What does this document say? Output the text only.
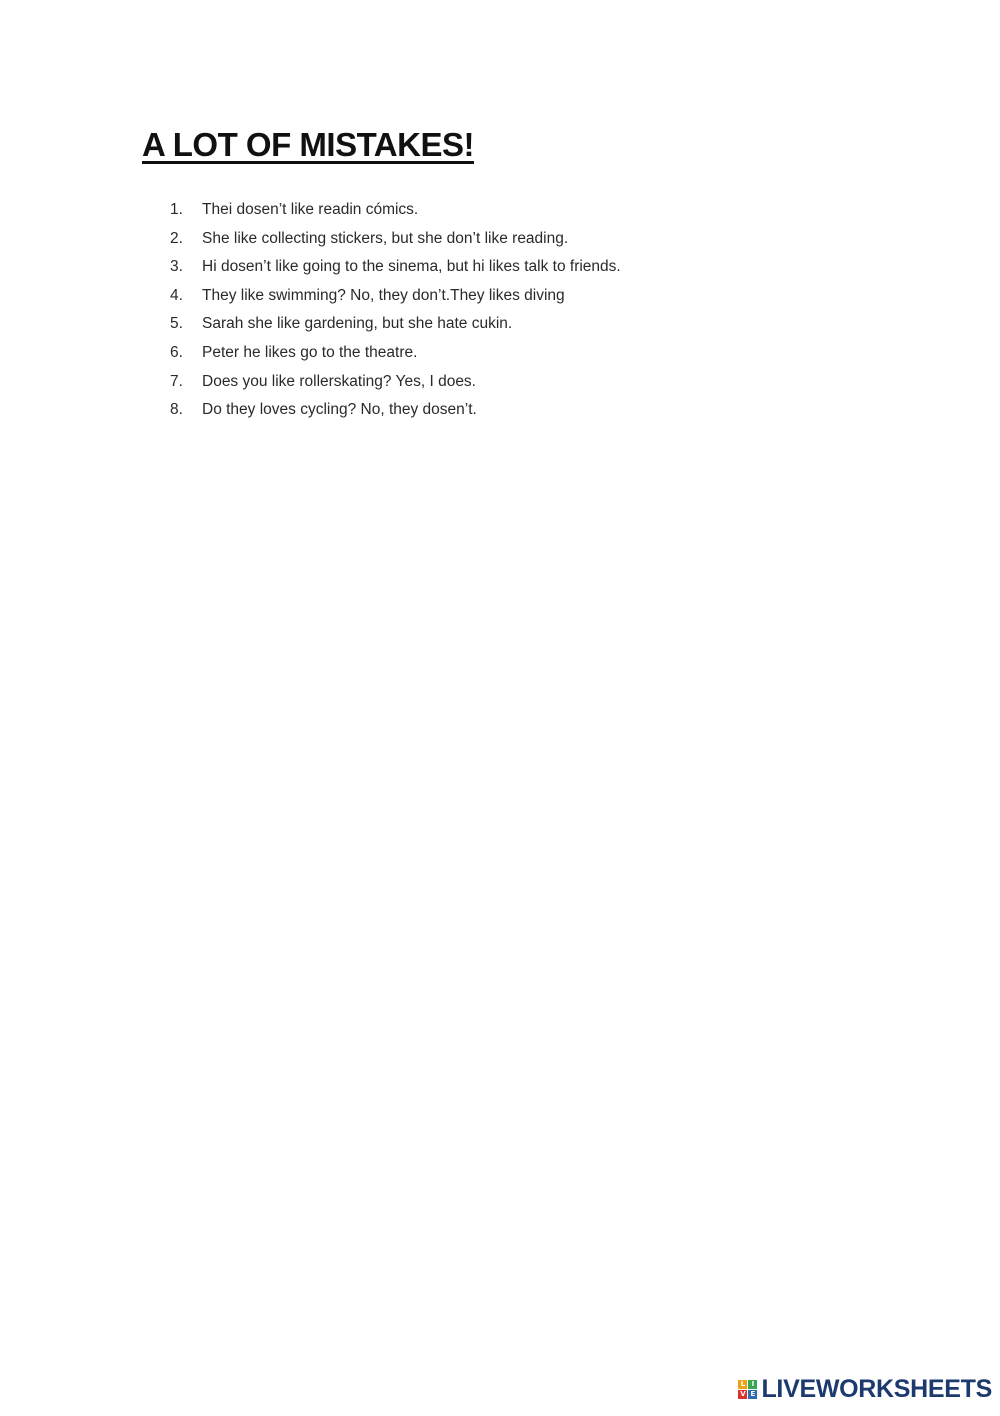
A LOT OF MISTAKES!
1.	Thei dosen’t like readin cómics.
2.	She like collecting stickers, but she don’t like reading.
3.	Hi dosen’t like going to the sinema, but hi likes talk to friends.
4.	They like swimming? No, they don’t.They likes diving
5.	Sarah she like gardening, but she hate cukin.
6.	Peter he likes go to the theatre.
7.	Does you like rollerskating? Yes, I does.
8.	Do they loves cycling? No, they dosen’t.
L I
V E LIVEWORKSHEETS
